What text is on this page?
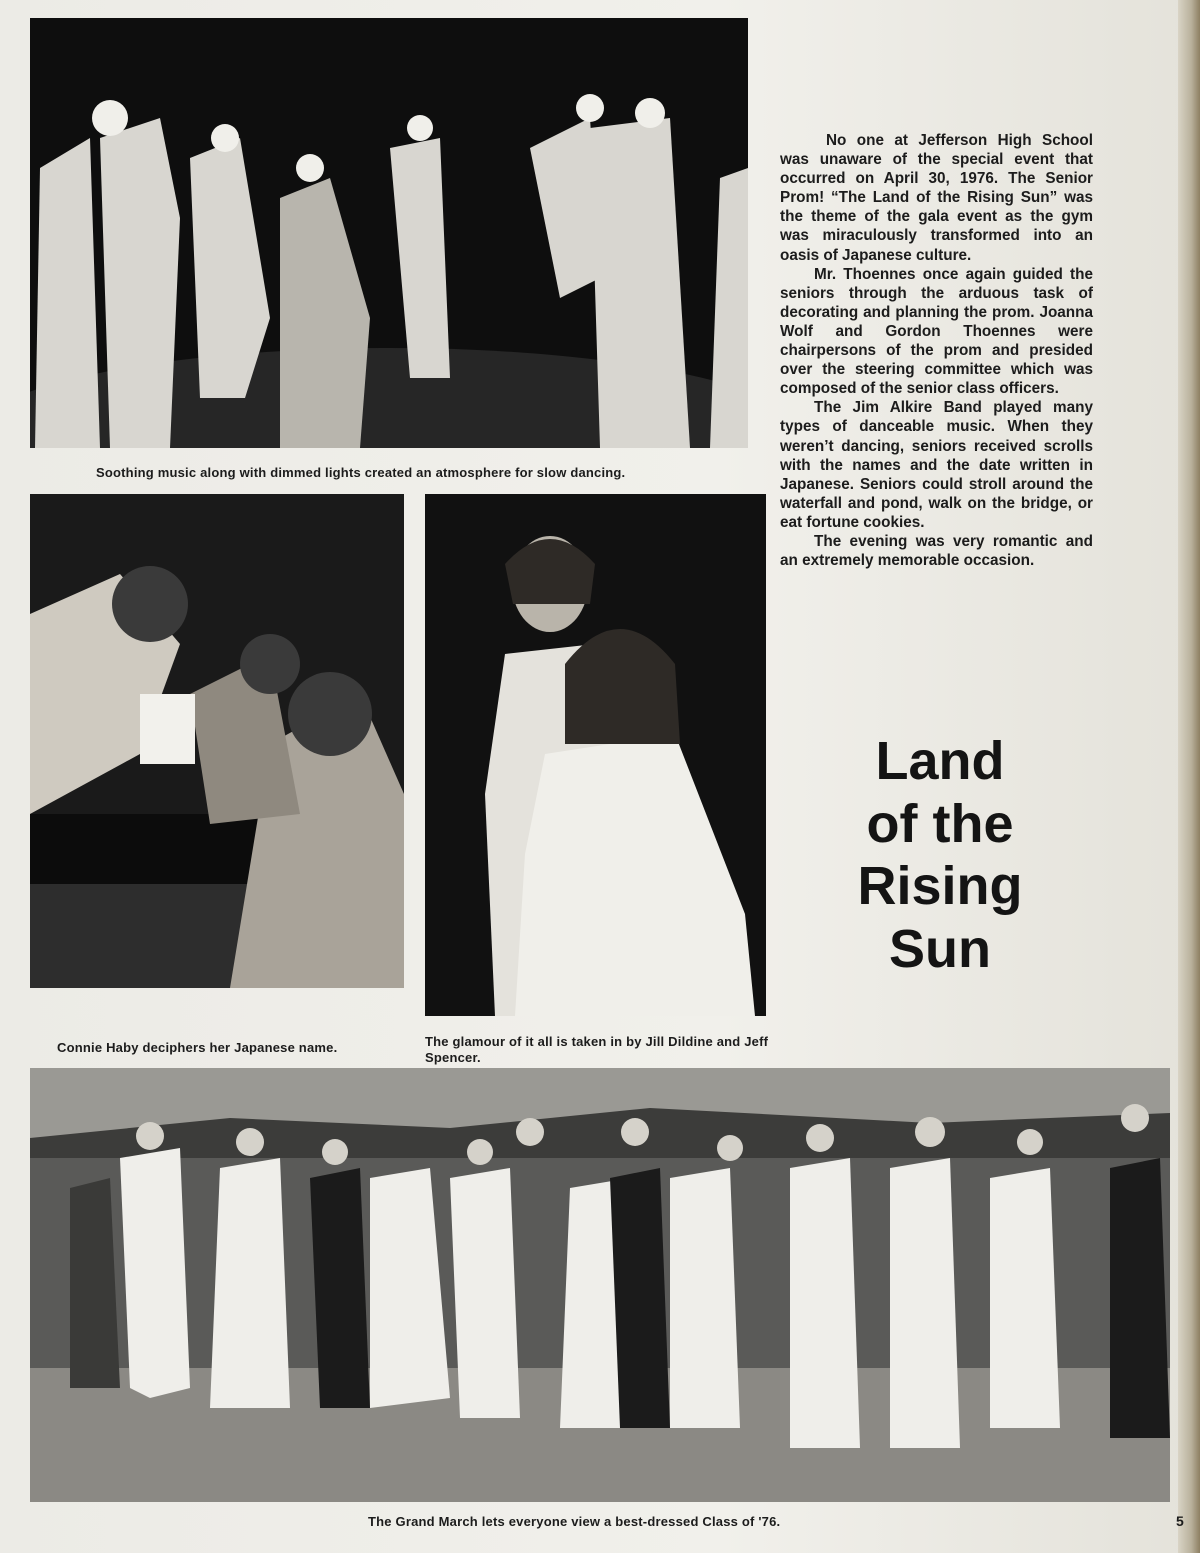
Soothing music along with dimmed lights created an atmosphere for slow dancing.
Connie Haby deciphers her Japanese name.	The glamour of it all is taken in by Jill Dildine and Jeff Spencer.

No one at Jefferson High School was unaware of the special event that occurred on April 30, 1976. The Senior Prom! “The Land of the Rising Sun” was the theme of the gala event as the gym was miraculously transformed into an oasis of Japanese culture.

Mr. Thoennes once again guided the seniors through the arduous task of decorating and planning the prom. Joanna Wolf and Gordon Thoennes were chairpersons of the prom and presided over the steering committee which was composed of the senior class officers.

The Jim Alkire Band played many types of danceable music. When they weren’t dancing, seniors received scrolls with the names and the date written in Japanese. Seniors could stroll around the waterfall and pond, walk on the bridge, or eat fortune cookies.

The evening was very romantic and an extremely memorable occasion.

Land
of the
Rising
Sun
The Grand March lets everyone view a best-dressed Class of '76.	5
